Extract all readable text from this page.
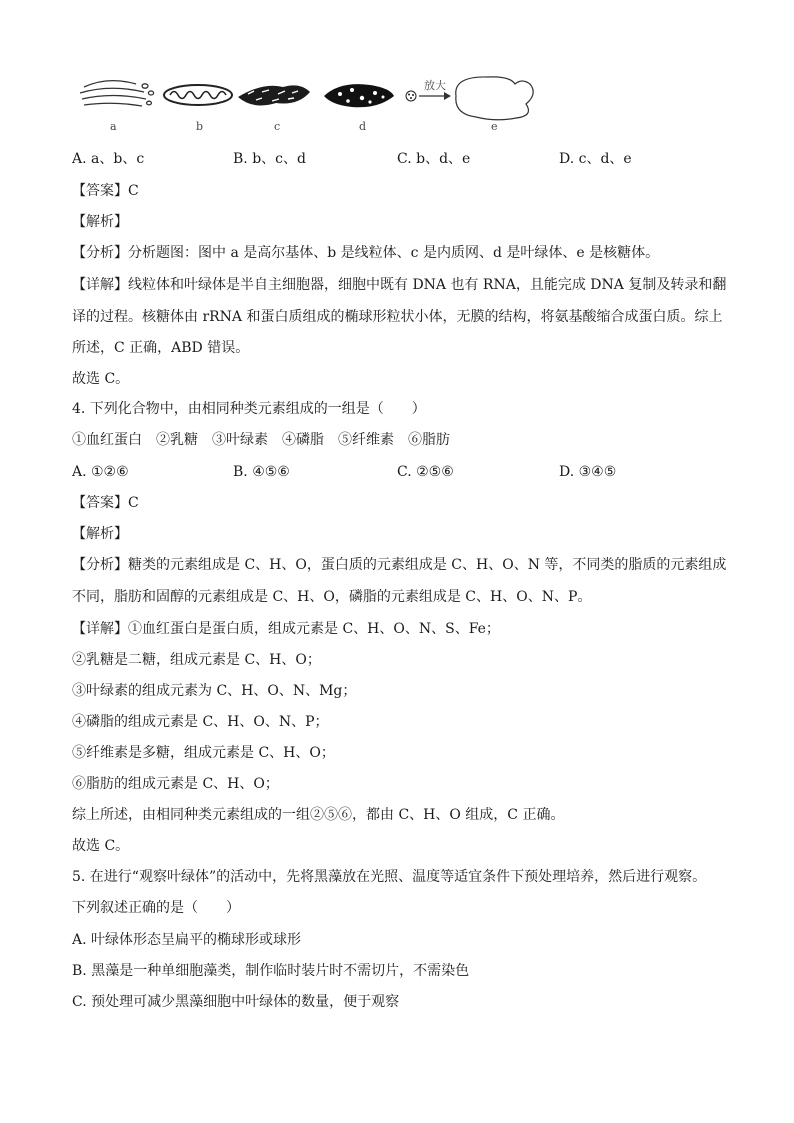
放大
a	b	c	d	e
A. a、b、c	B. b、c、d	C. b、d、e	D. c、d、e
【答案】C
【解析】
【分析】分析题图：图中 a 是高尔基体、b 是线粒体、c 是内质网、d 是叶绿体、e 是核糖体。
【详解】线粒体和叶绿体是半自主细胞器，细胞中既有 DNA 也有 RNA，且能完成 DNA 复制及转录和翻
译的过程。核糖体由 rRNA 和蛋白质组成的椭球形粒状小体，无膜的结构，将氨基酸缩合成蛋白质。综上
所述，C 正确，ABD 错误。
故选 C。
4. 下列化合物中，由相同种类元素组成的一组是（　　）
①血红蛋白　②乳糖　③叶绿素　④磷脂　⑤纤维素　⑥脂肪
A. ①②⑥	B. ④⑤⑥	C. ②⑤⑥	D. ③④⑤
【答案】C
【解析】
【分析】糖类的元素组成是 C、H、O，蛋白质的元素组成是 C、H、O、N 等，不同类的脂质的元素组成
不同，脂肪和固醇的元素组成是 C、H、O，磷脂的元素组成是 C、H、O、N、P。
【详解】①血红蛋白是蛋白质，组成元素是 C、H、O、N、S、Fe；
②乳糖是二糖，组成元素是 C、H、O；
③叶绿素的组成元素为 C、H、O、N、Mg；
④磷脂的组成元素是 C、H、O、N、P；
⑤纤维素是多糖，组成元素是 C、H、O；
⑥脂肪的组成元素是 C、H、O；
综上所述，由相同种类元素组成的一组②⑤⑥，都由 C、H、O 组成，C 正确。
故选 C。
5. 在进行“观察叶绿体”的活动中，先将黑藻放在光照、温度等适宜条件下预处理培养，然后进行观察。
下列叙述正确的是（　　）
A. 叶绿体形态呈扁平的椭球形或球形
B. 黑藻是一种单细胞藻类，制作临时装片时不需切片，不需染色
C. 预处理可减少黑藻细胞中叶绿体的数量，便于观察
